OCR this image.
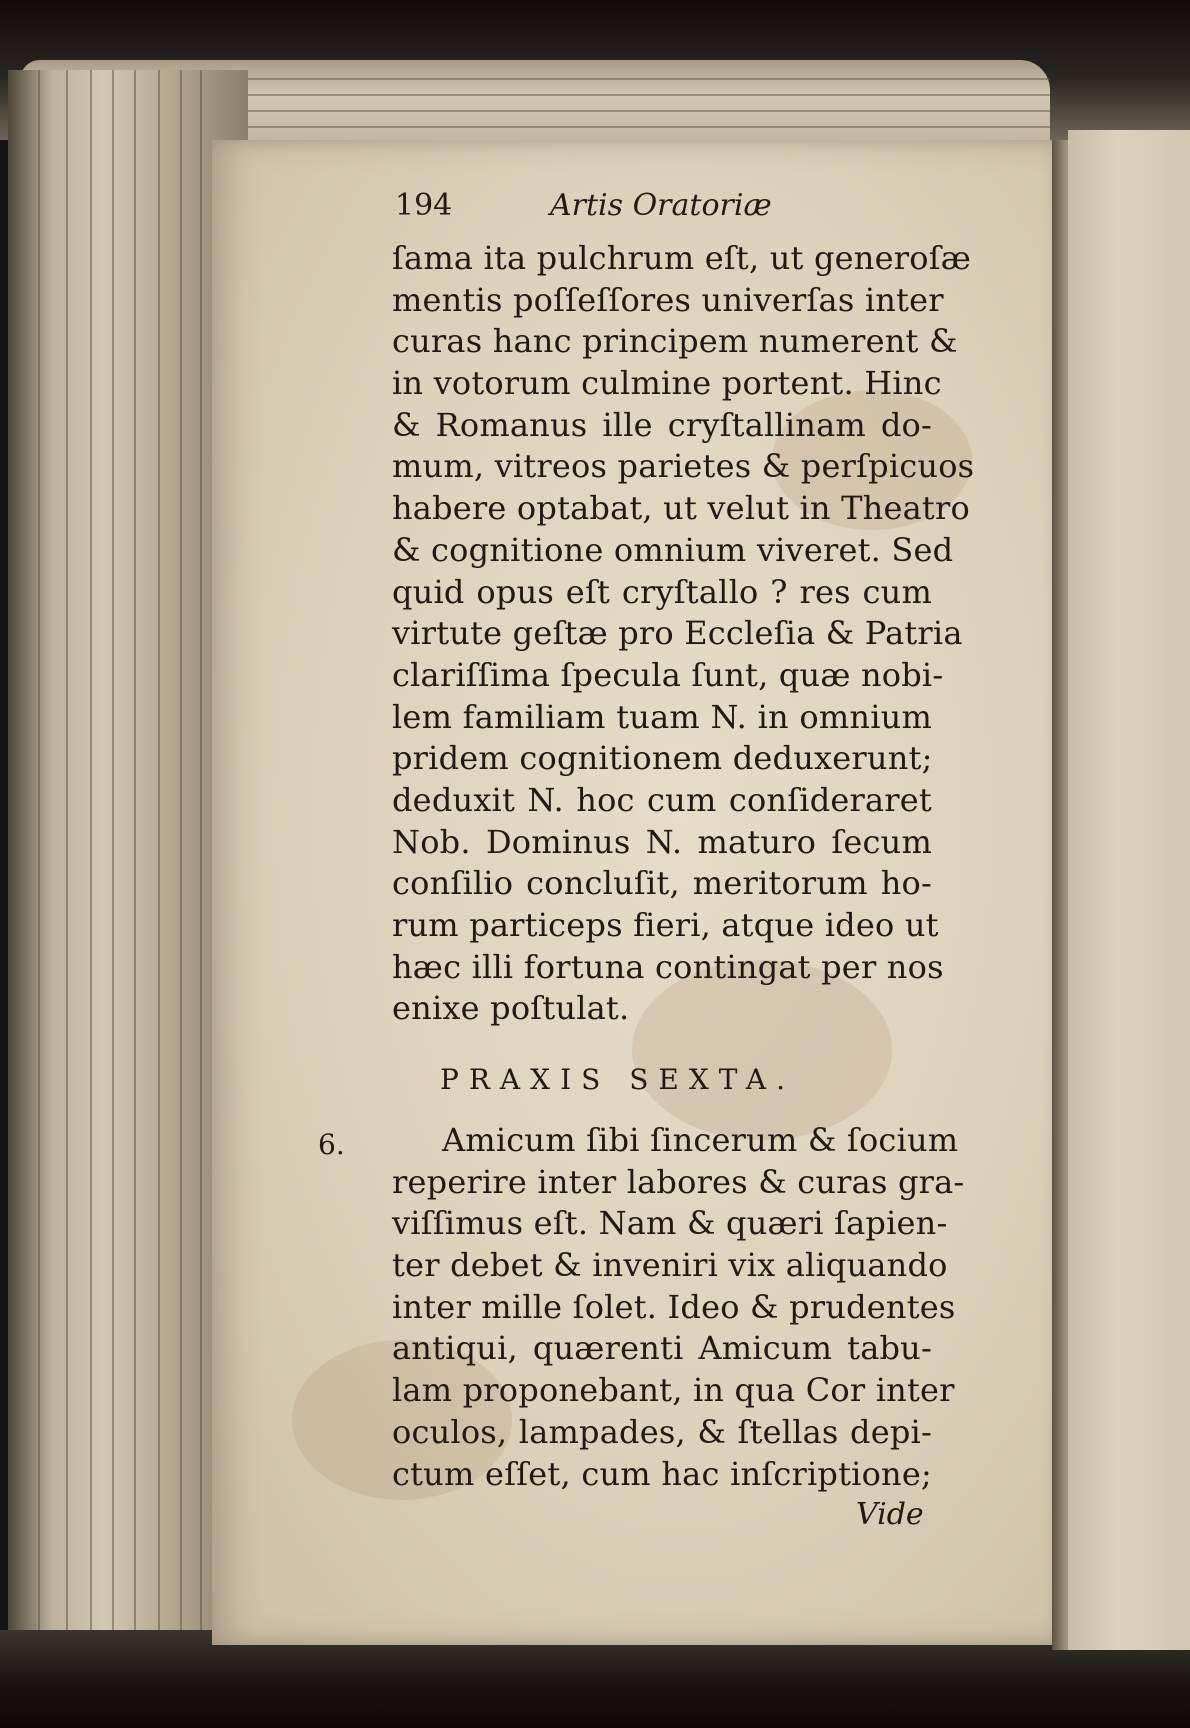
194	Artis Oratoriæ
ſama ita pulchrum eſt, ut generoſæ
mentis poſſeſſores univerſas inter
curas hanc principem numerent &
in votorum culmine portent. Hinc
& Romanus ille cryſtallinam do-
mum, vitreos parietes & perſpicuos
habere optabat, ut velut in Theatro
& cognitione omnium viveret. Sed
quid opus eſt cryſtallo ? res cum
virtute geſtæ pro Eccleſia & Patria
clariſſima ſpecula ſunt, quæ nobi-
lem familiam tuam N. in omnium
pridem cognitionem deduxerunt;
deduxit N. hoc cum conſideraret
Nob. Dominus N. maturo ſecum
conſilio concluſit, meritorum ho-
rum particeps fieri, atque ideo ut
hæc illi fortuna contingat per nos
enixe poſtulat.
PRAXIS SEXTA.
6.	Amicum ſibi ſincerum & ſocium
reperire inter labores & curas gra-
viſſimus eſt. Nam & quæri ſapien-
ter debet & inveniri vix aliquando
inter mille ſolet. Ideo & prudentes
antiqui, quærenti Amicum tabu-
lam proponebant, in qua Cor inter
oculos, lampades, & ſtellas depi-
ctum eſſet, cum hac inſcriptione;
Vide
